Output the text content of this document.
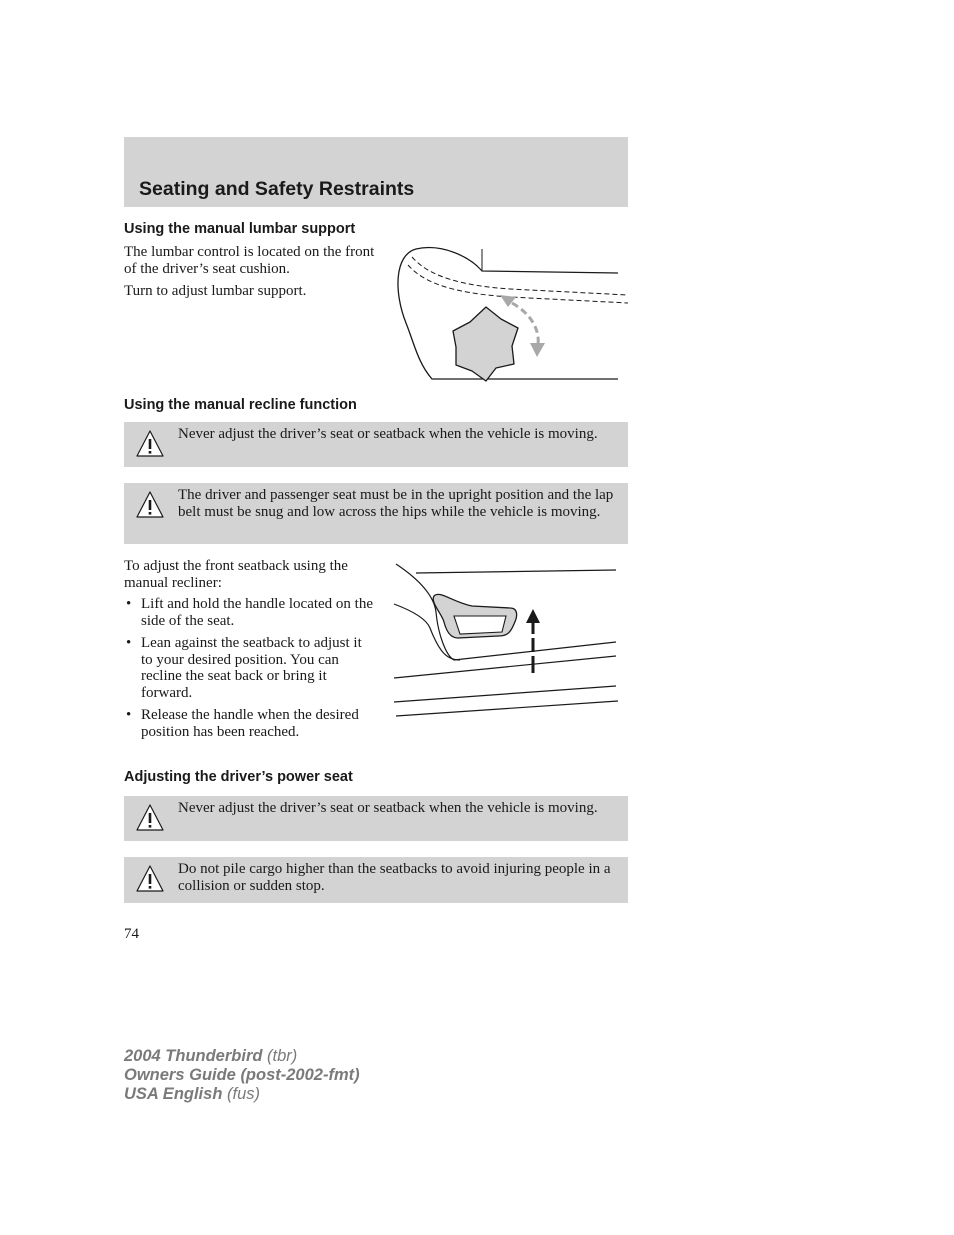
Seating and Safety Restraints
Using the manual lumbar support

The lumbar control is located on the front of the driver’s seat cushion.

Turn to adjust lumbar support.

Using the manual recline function
Never adjust the driver’s seat or seatback when the vehicle is moving.
The driver and passenger seat must be in the upright position and the lap belt must be snug and low across the hips while the vehicle is moving.

To adjust the front seatback using the manual recliner:

• Lift and hold the handle located on the side of the seat.
• Lean against the seatback to adjust it to your desired position. You can recline the seat back or bring it forward.
• Release the handle when the desired position has been reached.
Adjusting the driver’s power seat
Never adjust the driver’s seat or seatback when the vehicle is moving.
Do not pile cargo higher than the seatbacks to avoid injuring people in a collision or sudden stop.
74
2004 Thunderbird (tbr)
Owners Guide (post-2002-fmt)
USA English (fus)
